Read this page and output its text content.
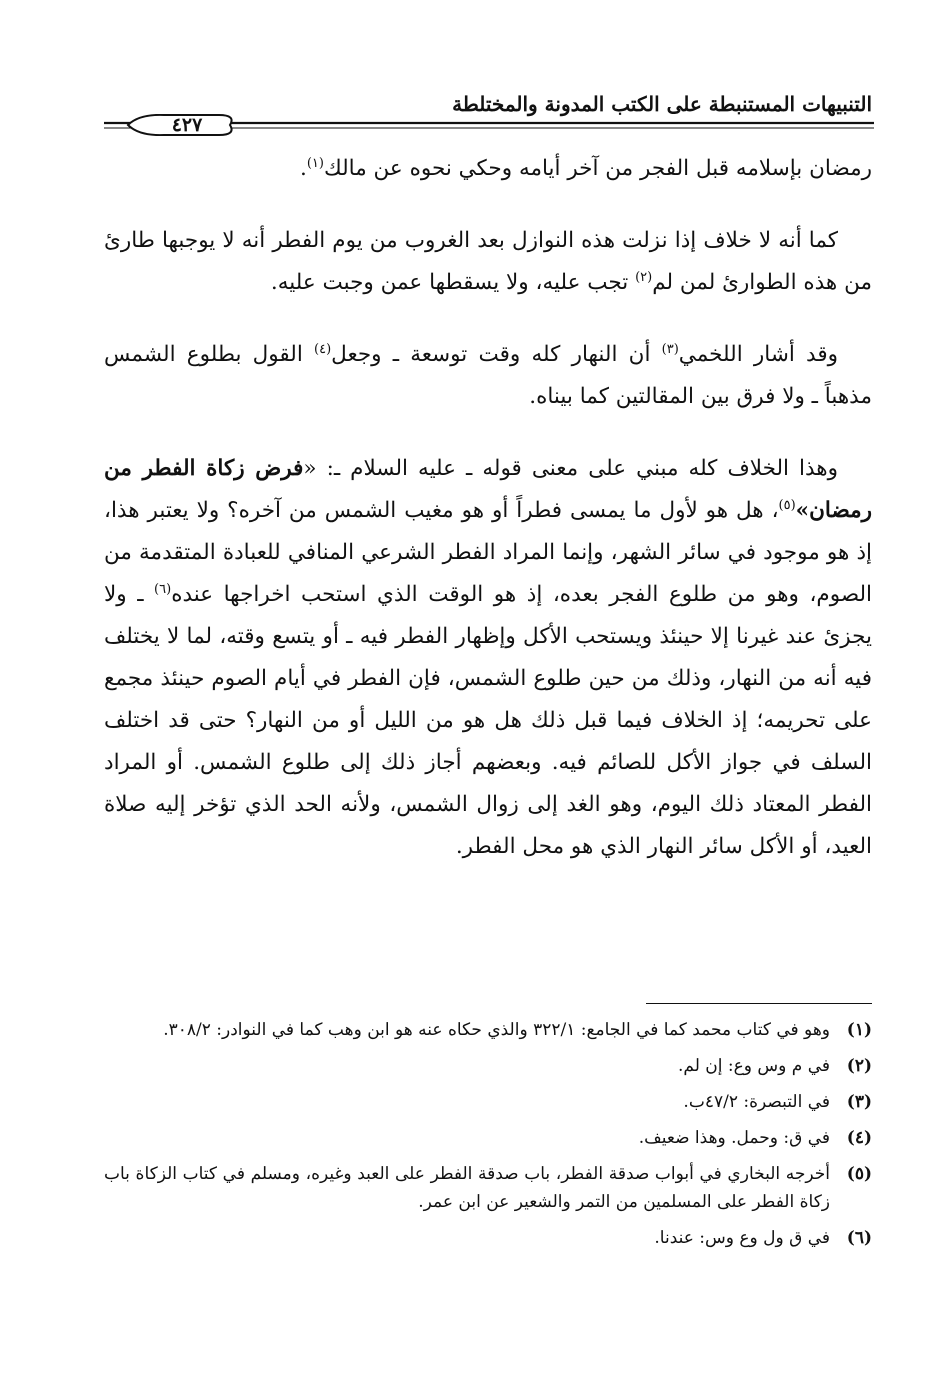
التنبيهات المستنبطة على الكتب المدونة والمختلطة
٤٢٧

رمضان بإسلامه قبل الفجر من آخر أيامه وحكي نحوه عن مالك$^{(١)}$.

كما أنه لا خلاف إذا نزلت هذه النوازل بعد الغروب من يوم الفطر أنه لا يوجبها طارئ من هذه الطوارئ لمن لم$^{(٢)}$ تجب عليه، ولا يسقطها عمن وجبت عليه.

وقد أشار اللخمي$^{(٣)}$ أن النهار كله وقت توسعة ـ وجعل$^{(٤)}$ القول بطلوع الشمس مذهباً ـ ولا فرق بين المقالتين كما بيناه.

وهذا الخلاف كله مبني على معنى قوله ـ عليه السلام ـ: «فرض زكاة الفطر من رمضان»$^{(٥)}$، هل هو لأول ما يمسى فطراً أو هو مغيب الشمس من آخره؟ ولا يعتبر هذا، إذ هو موجود في سائر الشهر، وإنما المراد الفطر الشرعي المنافي للعبادة المتقدمة من الصوم، وهو من طلوع الفجر بعده، إذ هو الوقت الذي استحب اخراجها عنده$^{(٦)}$ ـ ولا يجزئ عند غيرنا إلا حينئذ ويستحب الأكل وإظهار الفطر فيه ـ أو يتسع وقته، لما لا يختلف فيه أنه من النهار، وذلك من حين طلوع الشمس، فإن الفطر في أيام الصوم حينئذ مجمع على تحريمه؛ إذ الخلاف فيما قبل ذلك هل هو من الليل أو من النهار؟ حتى قد اختلف السلف في جواز الأكل للصائم فيه. وبعضهم أجاز ذلك إلى طلوع الشمس. أو المراد الفطر المعتاد ذلك اليوم، وهو الغد إلى زوال الشمس، ولأنه الحد الذي تؤخر إليه صلاة العيد، أو الأكل سائر النهار الذي هو محل الفطر.

(١)
وهو في كتاب محمد كما في الجامع: ٣٢٢/١ والذي حكاه عنه هو ابن وهب كما في النوادر: ٣٠٨/٢.
(٢)
في م وس وع: إن لم.
(٣)
في التبصرة: ٤٧/٢ب.
(٤)
في ق: وحمل. وهذا ضعيف.
(٥)
أخرجه البخاري في أبواب صدقة الفطر، باب صدقة الفطر على العبد وغيره، ومسلم في كتاب الزكاة باب زكاة الفطر على المسلمين من التمر والشعير عن ابن عمر.
(٦)
في ق ول وع وس: عندنا.
